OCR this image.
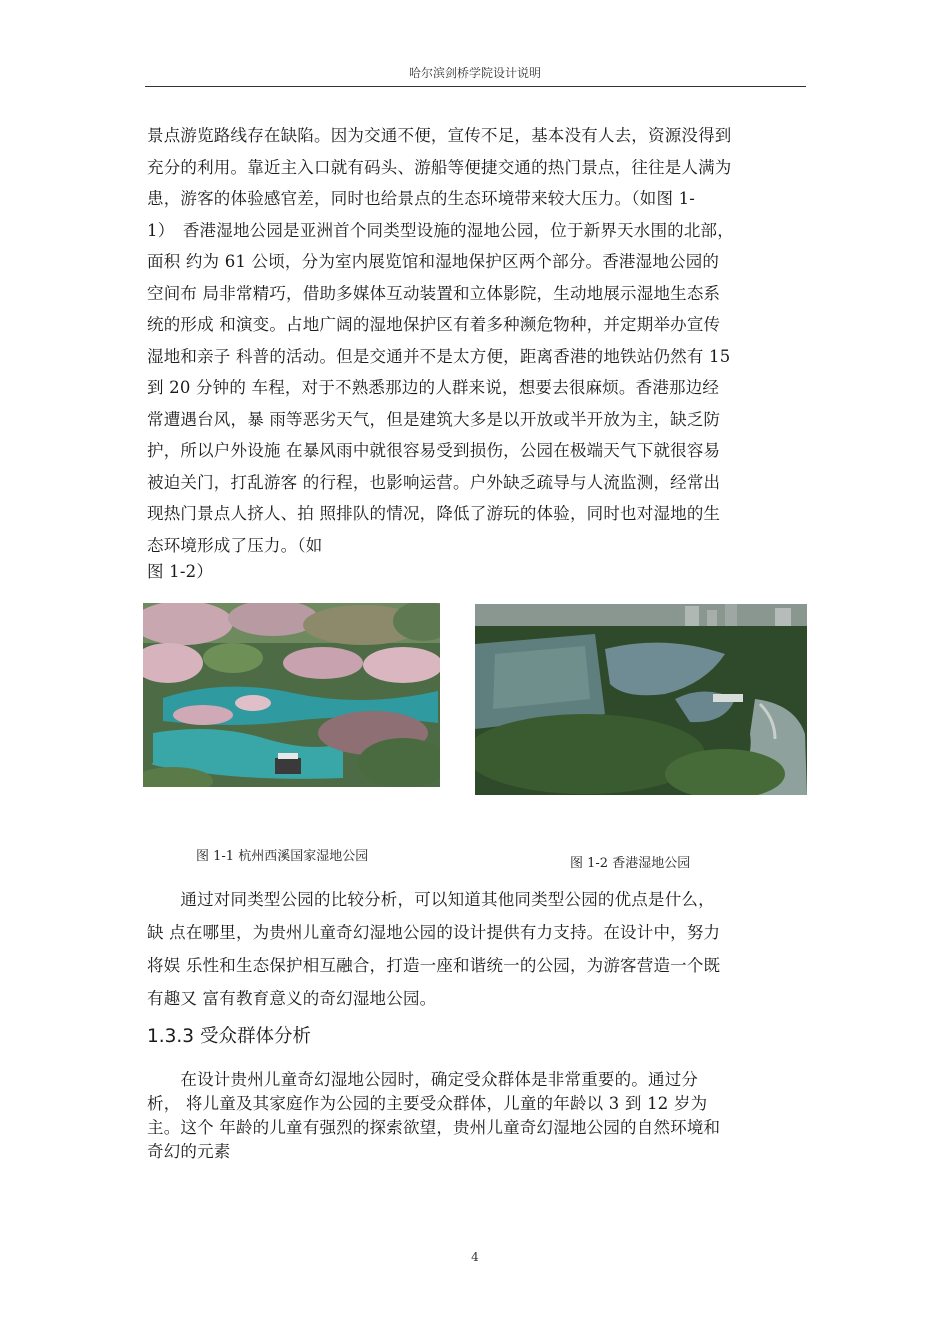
哈尔滨剑桥学院设计说明
景点游览路线存在缺陷。因为交通不便，宣传不足，基本没有人去，资源没得到
充分的利用。靠近主入口就有码头、游船等便捷交通的热门景点，往往是人满为
患，游客的体验感官差，同时也给景点的生态环境带来较大压力。（如图 1-
1）　香港湿地公园是亚洲首个同类型设施的湿地公园，位于新界天水围的北部，
面积 约为 61 公顷，分为室内展览馆和湿地保护区两个部分。香港湿地公园的
空间布 局非常精巧，借助多媒体互动装置和立体影院，生动地展示湿地生态系
统的形成 和演变。占地广阔的湿地保护区有着多种濒危物种，并定期举办宣传
湿地和亲子 科普的活动。但是交通并不是太方便，距离香港的地铁站仍然有 15
到 20 分钟的 车程，对于不熟悉那边的人群来说，想要去很麻烦。香港那边经
常遭遇台风，暴 雨等恶劣天气，但是建筑大多是以开放或半开放为主，缺乏防
护，所以户外设施 在暴风雨中就很容易受到损伤，公园在极端天气下就很容易
被迫关门，打乱游客 的行程，也影响运营。户外缺乏疏导与人流监测，经常出
现热门景点人挤人、拍 照排队的情况，降低了游玩的体验，同时也对湿地的生
态环境形成了压力。（如
图 1-2）
图 1-1 杭州西溪国家湿地公园	图 1-2 香港湿地公园
　　通过对同类型公园的比较分析，可以知道其他同类型公园的优点是什么，
缺 点在哪里，为贵州儿童奇幻湿地公园的设计提供有力支持。在设计中，努力
将娱 乐性和生态保护相互融合，打造一座和谐统一的公园，为游客营造一个既
有趣又 富有教育意义的奇幻湿地公园。
1.3.3 受众群体分析
　　在设计贵州儿童奇幻湿地公园时，确定受众群体是非常重要的。通过分
析， 将儿童及其家庭作为公园的主要受众群体，儿童的年龄以 3 到 12 岁为
主。这个 年龄的儿童有强烈的探索欲望，贵州儿童奇幻湿地公园的自然环境和
奇幻的元素
4
